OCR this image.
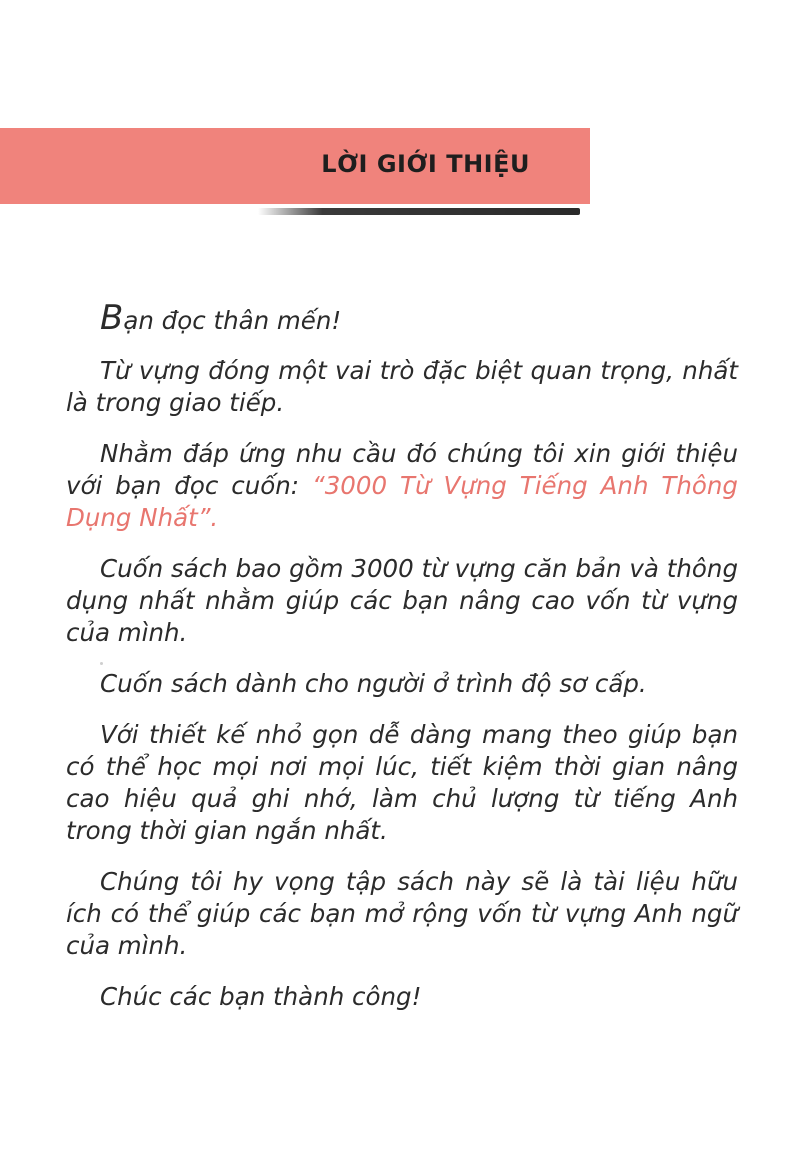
LỜI GIỚI THIỆU

Bạn đọc thân mến!

Từ vựng đóng một vai trò đặc biệt quan trọng, nhất là trong giao tiếp.

Nhằm đáp ứng nhu cầu đó chúng tôi xin giới thiệu với bạn đọc cuốn: “3000 Từ Vựng Tiếng Anh Thông Dụng Nhất”.

Cuốn sách bao gồm 3000 từ vựng căn bản và thông dụng nhất nhằm giúp các bạn nâng cao vốn từ vựng của mình.

Cuốn sách dành cho người ở trình độ sơ cấp.

Với thiết kế nhỏ gọn dễ dàng mang theo giúp bạn có thể học mọi nơi mọi lúc, tiết kiệm thời gian nâng cao hiệu quả ghi nhớ, làm chủ lượng từ tiếng Anh trong thời gian ngắn nhất.

Chúng tôi hy vọng tập sách này sẽ là tài liệu hữu ích có thể giúp các bạn mở rộng vốn từ vựng Anh ngữ của mình.

Chúc các bạn thành công!
